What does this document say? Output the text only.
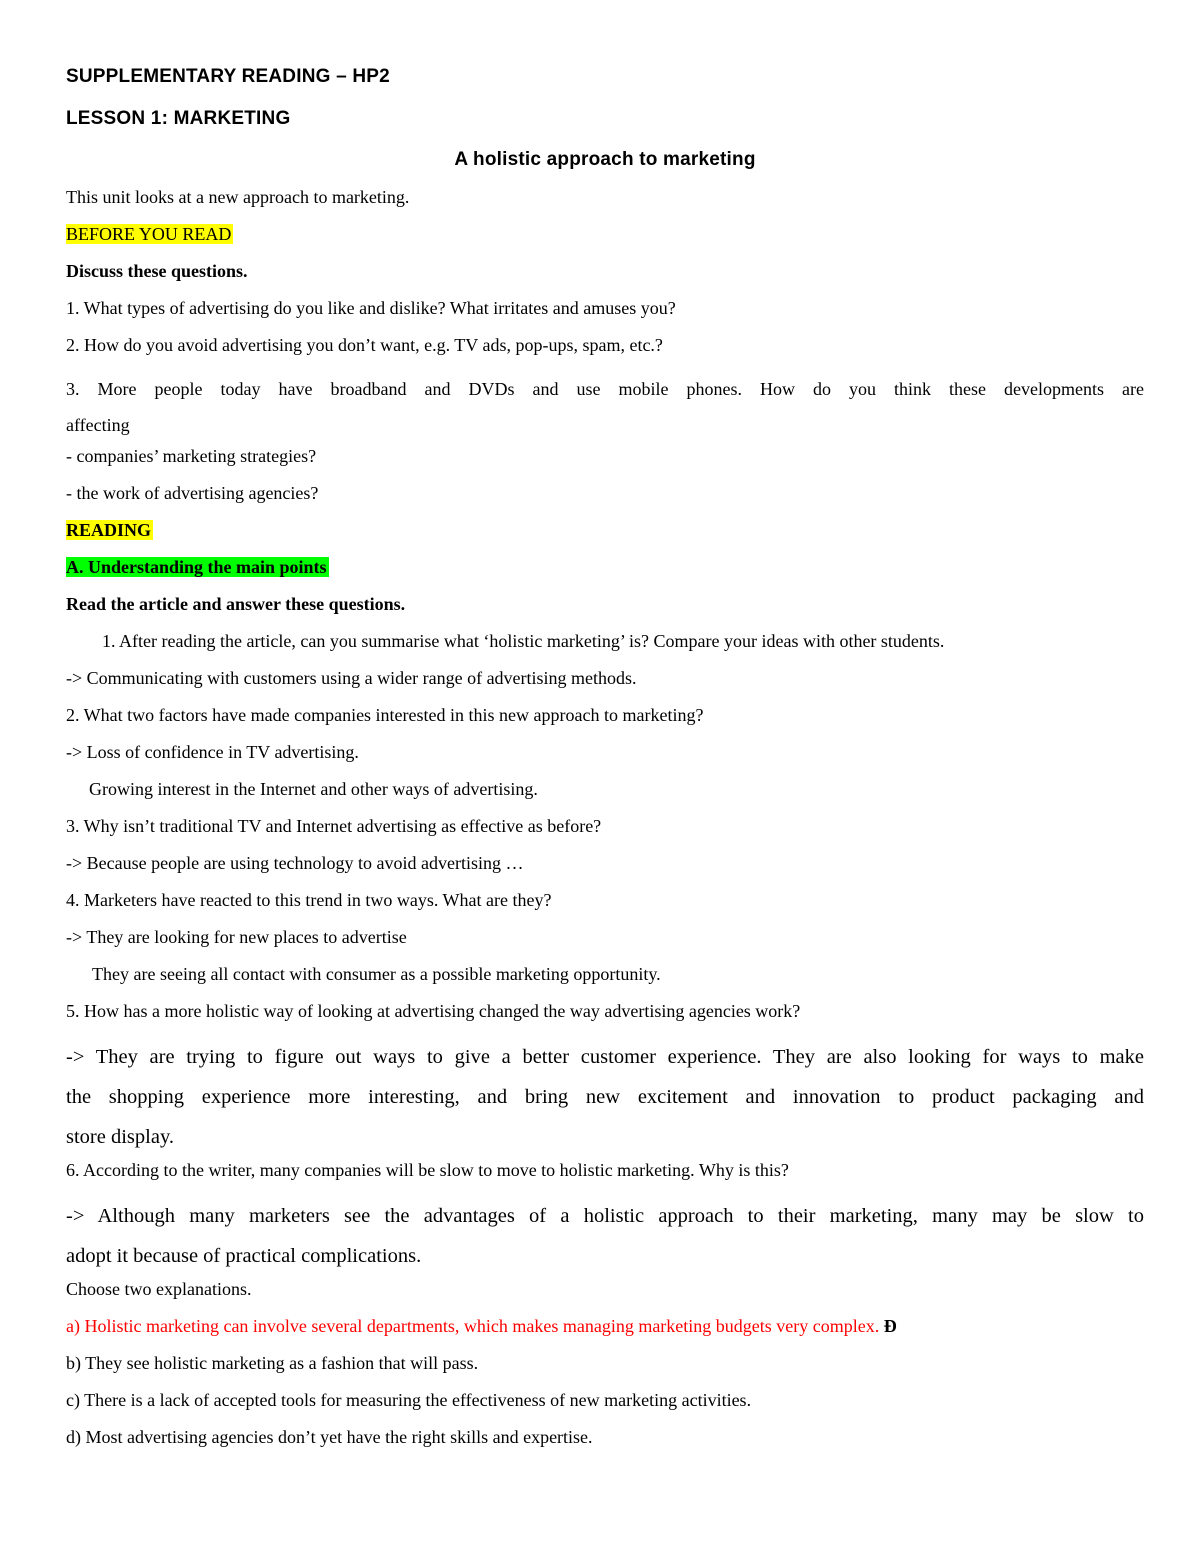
SUPPLEMENTARY READING – HP2
LESSON 1: MARKETING
A holistic approach to marketing
This unit looks at a new approach to marketing.
BEFORE YOU READ
Discuss these questions.
1. What types of advertising do you like and dislike? What irritates and amuses you?
2. How do you avoid advertising you don’t want, e.g. TV ads, pop-ups, spam, etc.?
3. More people today have broadband and DVDs and use mobile phones. How do you think these developments are
affecting
- companies’ marketing strategies?
- the work of advertising agencies?
READING
A. Understanding the main points
Read the article and answer these questions.
1. After reading the article, can you summarise what ‘holistic marketing’ is? Compare your ideas with other students.
-> Communicating with customers using a wider range of advertising methods.
2. What two factors have made companies interested in this new approach to marketing?
-> Loss of confidence in TV advertising.
Growing interest in the Internet and other ways of advertising.
3. Why isn’t traditional TV and Internet advertising as effective as before?
-> Because people are using technology to avoid advertising …
4. Marketers have reacted to this trend in two ways. What are they?
-> They are looking for new places to advertise
They are seeing all contact with consumer as a possible marketing opportunity.
5. How has a more holistic way of looking at advertising changed the way advertising agencies work?
-> They are trying to figure out ways to give a better customer experience. They are also looking for ways to make
the shopping experience more interesting, and bring new excitement and innovation to product packaging and
store display.
6. According to the writer, many companies will be slow to move to holistic marketing. Why is this?
-> Although many marketers see the advantages of a holistic approach to their marketing, many may be slow to
adopt it because of practical complications.
Choose two explanations.
a) Holistic marketing can involve several departments, which makes managing marketing budgets very complex. Đ
b) They see holistic marketing as a fashion that will pass.
c) There is a lack of accepted tools for measuring the effectiveness of new marketing activities.
d) Most advertising agencies don’t yet have the right skills and expertise.
